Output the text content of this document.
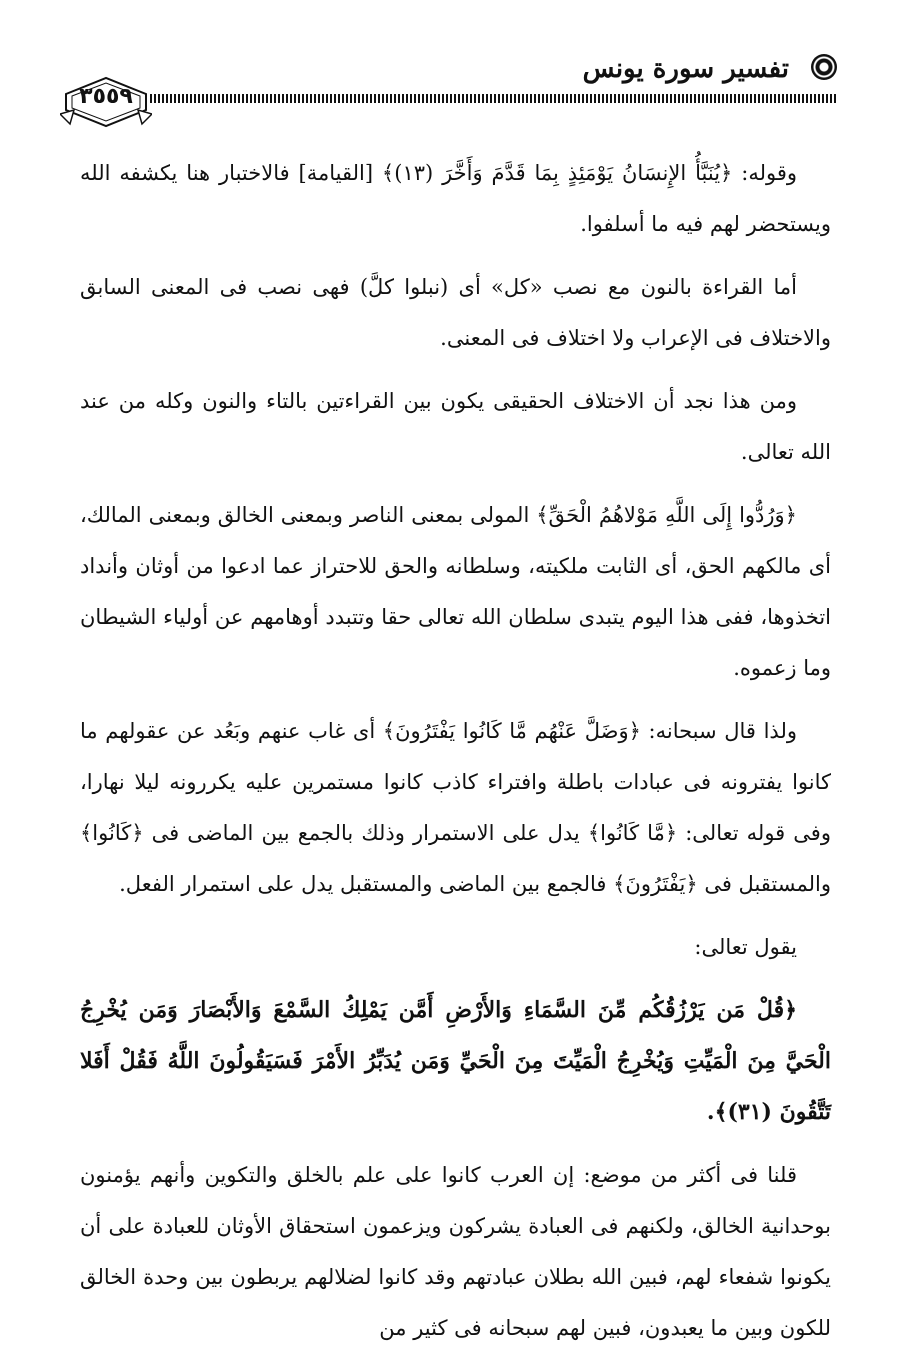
تفسير سورة يونس
٣٥٥٩

وقوله: ﴿يُنَبَّأُ الإِنسَانُ يَوْمَئِذٍ بِمَا قَدَّمَ وَأَخَّرَ (١٣)﴾ [القيامة] فالاختبار هنا يكشفه الله ويستحضر لهم فيه ما أسلفوا.

أما القراءة بالنون مع نصب «كل» أى (نبلوا كلَّ) فهى نصب فى المعنى السابق والاختلاف فى الإعراب ولا اختلاف فى المعنى.

ومن هذا نجد أن الاختلاف الحقيقى يكون بين القراءتين بالتاء والنون وكله من عند الله تعالى.

﴿وَرُدُّوا إِلَى اللَّهِ مَوْلاهُمُ الْحَقِّ﴾ المولى بمعنى الناصر وبمعنى الخالق وبمعنى المالك، أى مالكهم الحق، أى الثابت ملكيته، وسلطانه والحق للاحتراز عما ادعوا من أوثان وأنداد اتخذوها، ففى هذا اليوم يتبدى سلطان الله تعالى حقا وتتبدد أوهامهم عن أولياء الشيطان وما زعموه.

ولذا قال سبحانه: ﴿وَضَلَّ عَنْهُم مَّا كَانُوا يَفْتَرُونَ﴾ أى غاب عنهم وبَعُد عن عقولهم ما كانوا يفترونه فى عبادات باطلة وافتراء كاذب كانوا مستمرين عليه يكررونه ليلا نهارا، وفى قوله تعالى: ﴿مَّا كَانُوا﴾ يدل على الاستمرار وذلك بالجمع بين الماضى فى ﴿كَانُوا﴾ والمستقبل فى ﴿يَفْتَرُونَ﴾ فالجمع بين الماضى والمستقبل يدل على استمرار الفعل.

يقول تعالى:

﴿قُلْ مَن يَرْزُقُكُم مِّنَ السَّمَاءِ وَالأَرْضِ أَمَّن يَمْلِكُ السَّمْعَ وَالأَبْصَارَ وَمَن يُخْرِجُ الْحَيَّ مِنَ الْمَيِّتِ وَيُخْرِجُ الْمَيِّتَ مِنَ الْحَيِّ وَمَن يُدَبِّرُ الأَمْرَ فَسَيَقُولُونَ اللَّهُ فَقُلْ أَفَلا تَتَّقُونَ (٣١)﴾.

قلنا فى أكثر من موضع: إن العرب كانوا على علم بالخلق والتكوين وأنهم يؤمنون بوحدانية الخالق، ولكنهم فى العبادة يشركون ويزعمون استحقاق الأوثان للعبادة على أن يكونوا شفعاء لهم، فبين الله بطلان عبادتهم وقد كانوا لضلالهم يربطون بين وحدة الخالق للكون وبين ما يعبدون، فبين لهم سبحانه فى كثير من
